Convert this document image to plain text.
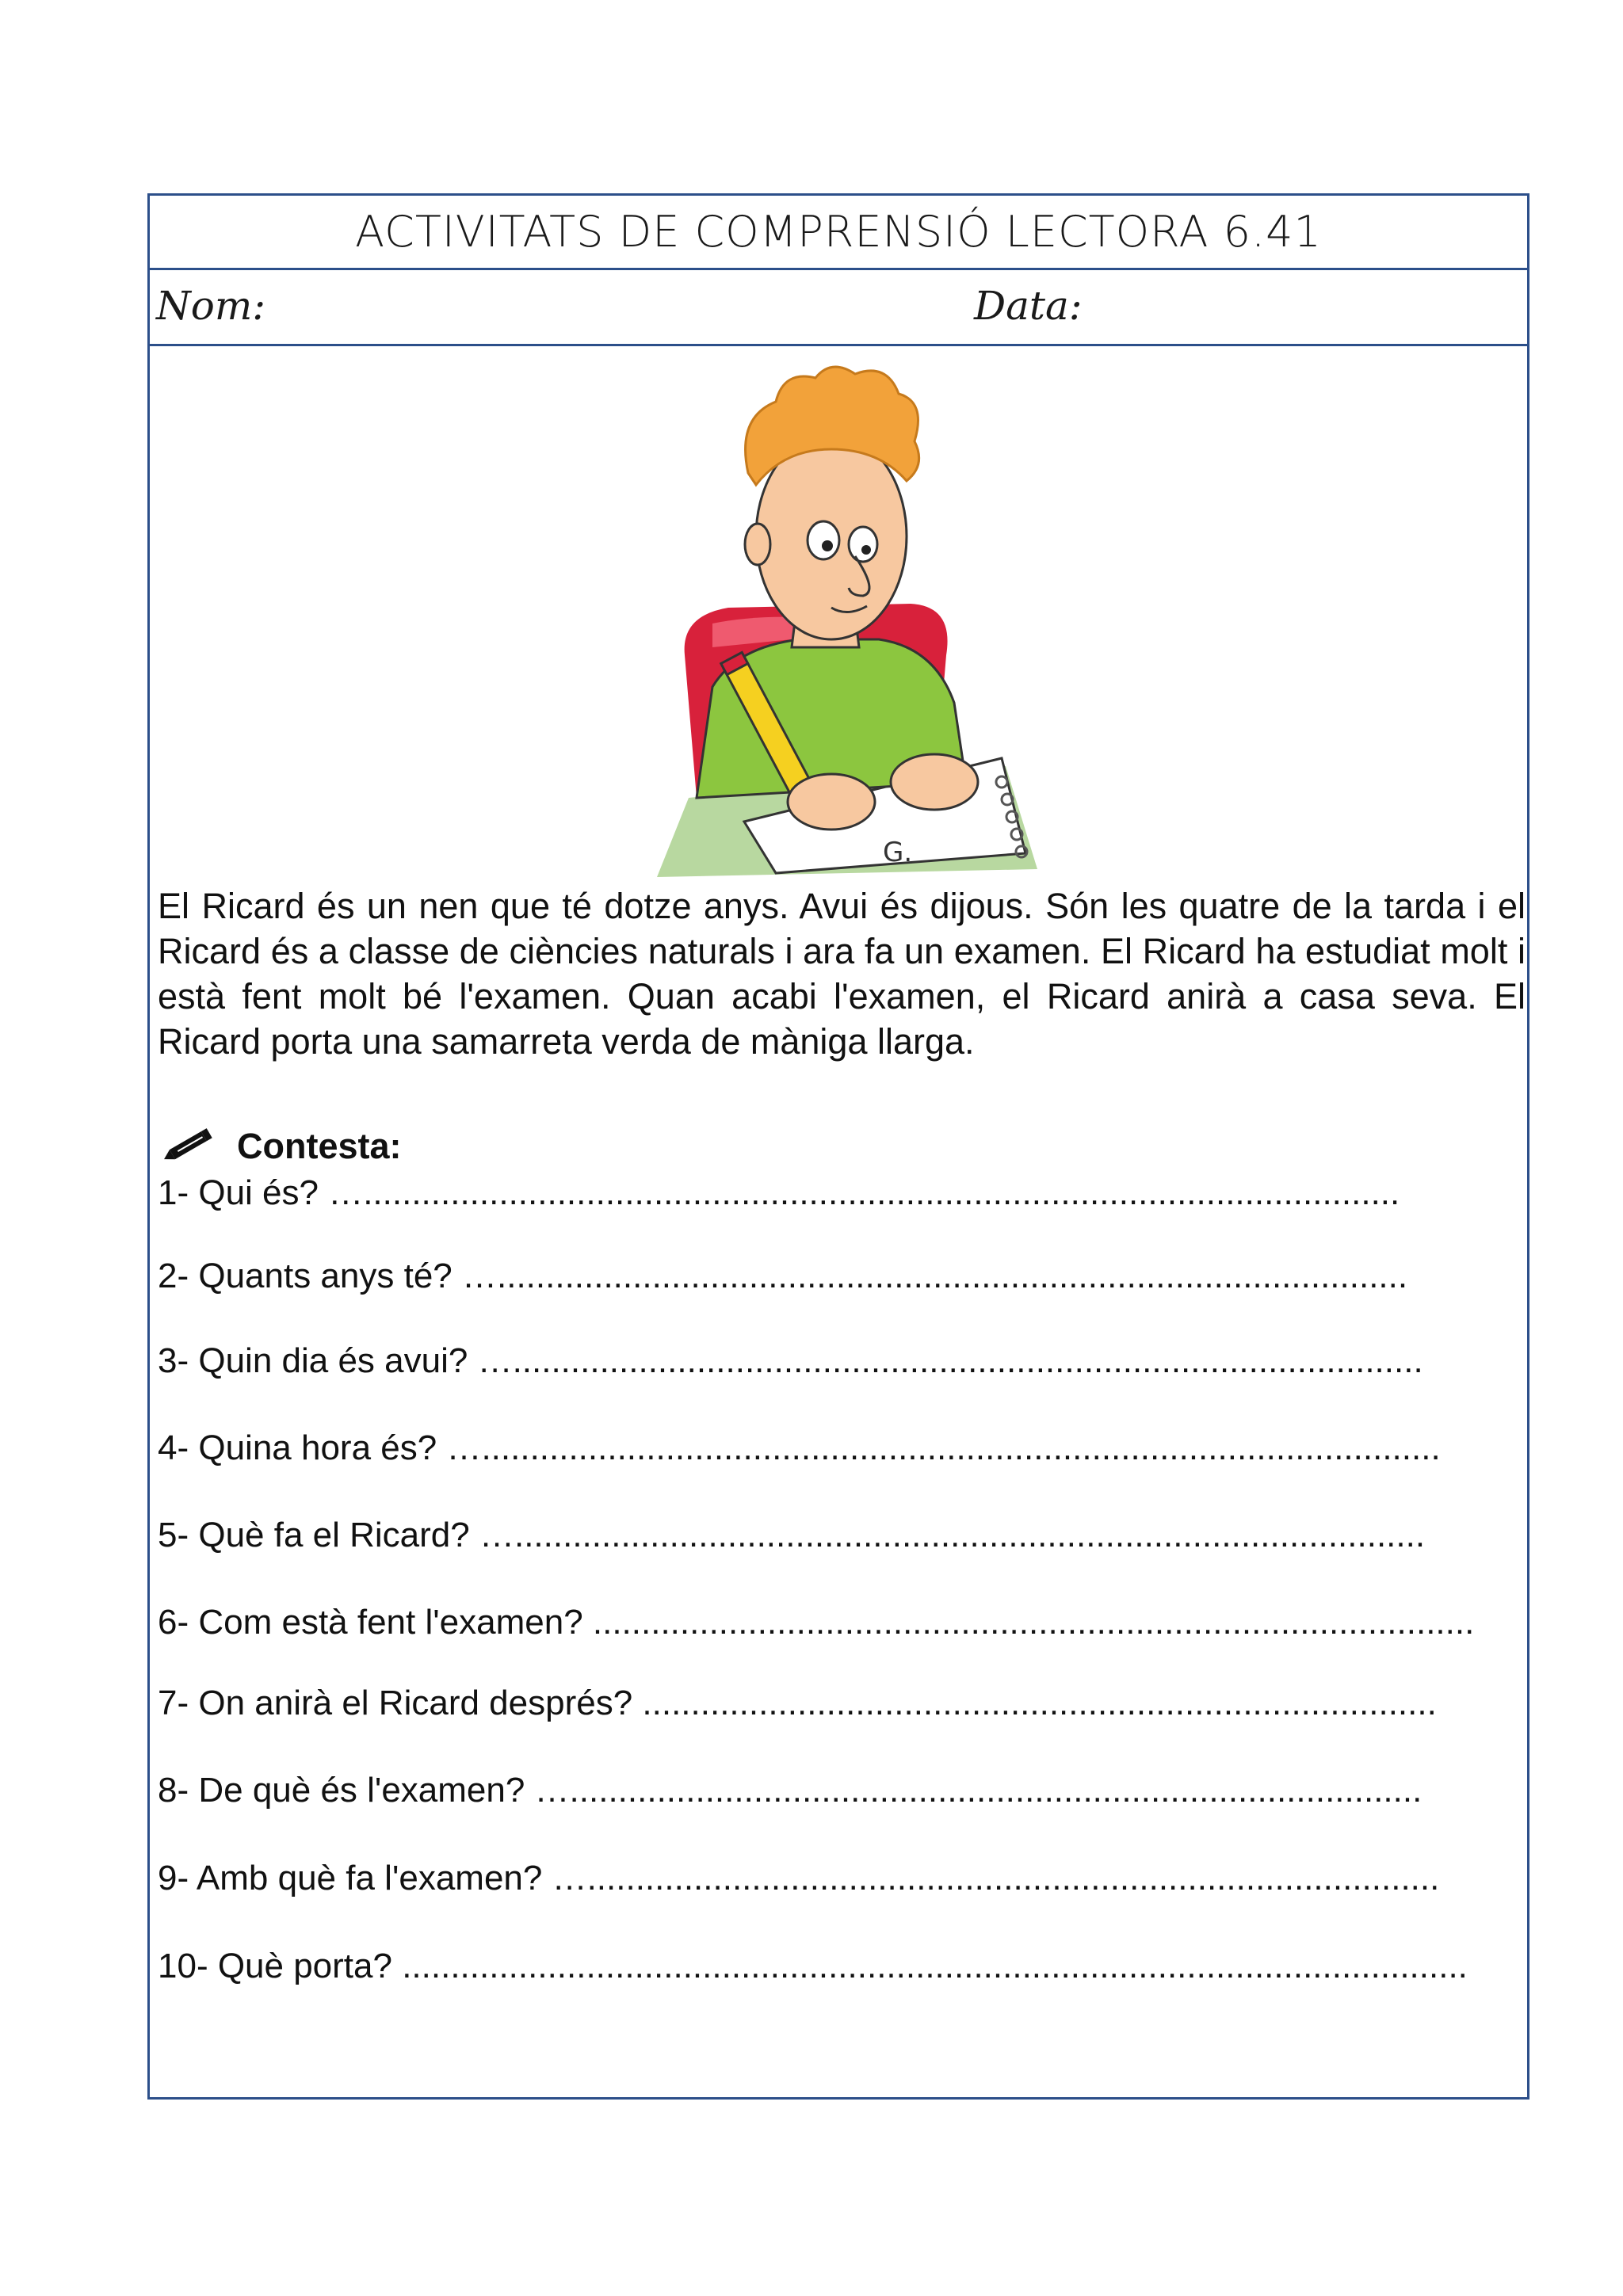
ACTIVITATS DE COMPRENSIÓ LECTORA 6.41
Nom:	Data:
G.
El Ricard és un nen que té dotze anys. Avui és dijous. Són les quatre de la tarda i el Ricard és a classe de ciències naturals i ara fa un examen. El Ricard ha estudiat molt i està fent molt bé l'examen. Quan acabi l'examen, el Ricard anirà a casa seva. El Ricard porta una samarreta verda de màniga llarga.
Contesta:
1- Qui és? …...........................................................................................................
2- Quants anys té? …..............................................................................................
3- Quin dia és avui? …..............................................................................................
4- Quina hora és? …...................................................................................................
5- Què fa el Ricard? …..............................................................................................
6- Com està fent l'examen? ...........................................................................................
7- On anirà el Ricard després? ..................................................................................
8- De què és l'examen? …........................................................................................
9- Amb què fa l'examen? …........................................................................................
10- Què porta? ..............................................................................................................
